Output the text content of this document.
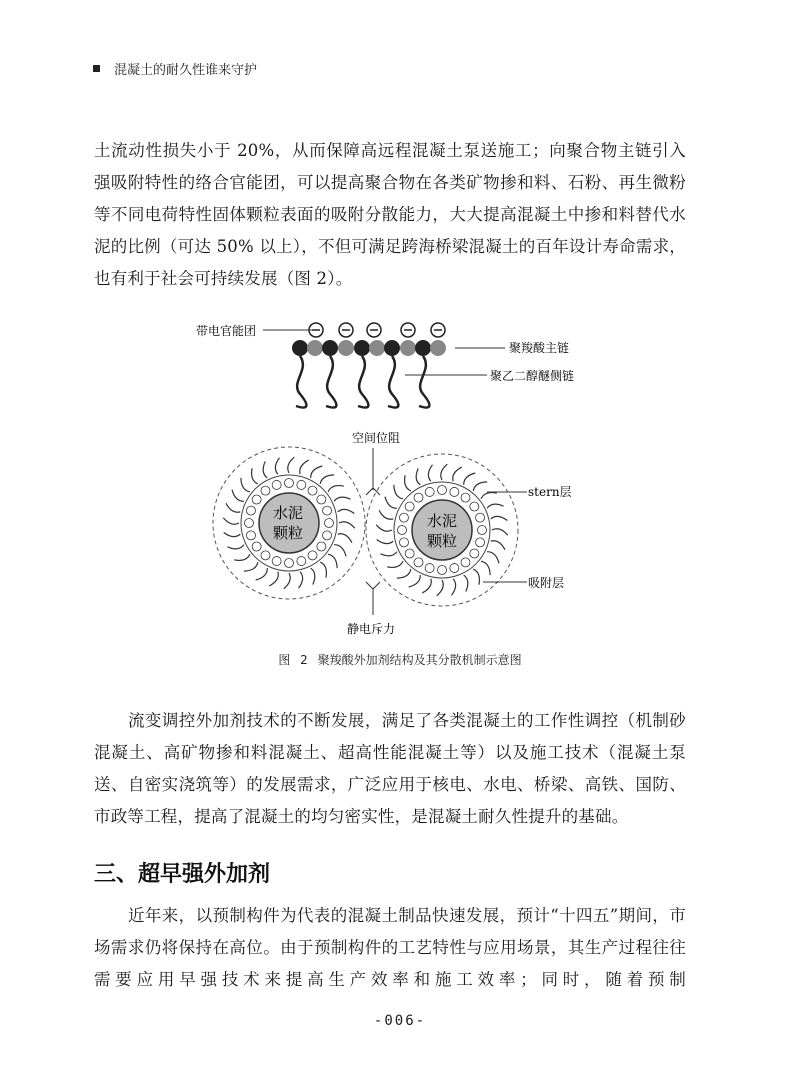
混凝土的耐久性谁来守护

土流动性损失小于 20%，从而保障高远程混凝土泵送施工；向聚合物主链引入强吸附特性的络合官能团，可以提高聚合物在各类矿物掺和料、石粉、再生微粉等不同电荷特性固体颗粒表面的吸附分散能力，大大提高混凝土中掺和料替代水泥的比例（可达 50% 以上），不但可满足跨海桥梁混凝土的百年设计寿命需求，也有利于社会可持续发展（图 2）。

带电官能团
聚羧酸主链
聚乙二醇醚侧链
空间位阻
stern层
吸附层
静电斥力
水泥
颗粒
水泥
颗粒
图 2 聚羧酸外加剂结构及其分散机制示意图

流变调控外加剂技术的不断发展，满足了各类混凝土的工作性调控（机制砂混凝土、高矿物掺和料混凝土、超高性能混凝土等）以及施工技术（混凝土泵送、自密实浇筑等）的发展需求，广泛应用于核电、水电、桥梁、高铁、国防、市政等工程，提高了混凝土的均匀密实性，是混凝土耐久性提升的基础。

三、超早强外加剂

近年来，以预制构件为代表的混凝土制品快速发展，预计“十四五”期间，市场需求仍将保持在高位。由于预制构件的工艺特性与应用场景，其生产过程往往需要应用早强技术来提高生产效率和施工效率；同时，随着预制

-006-
